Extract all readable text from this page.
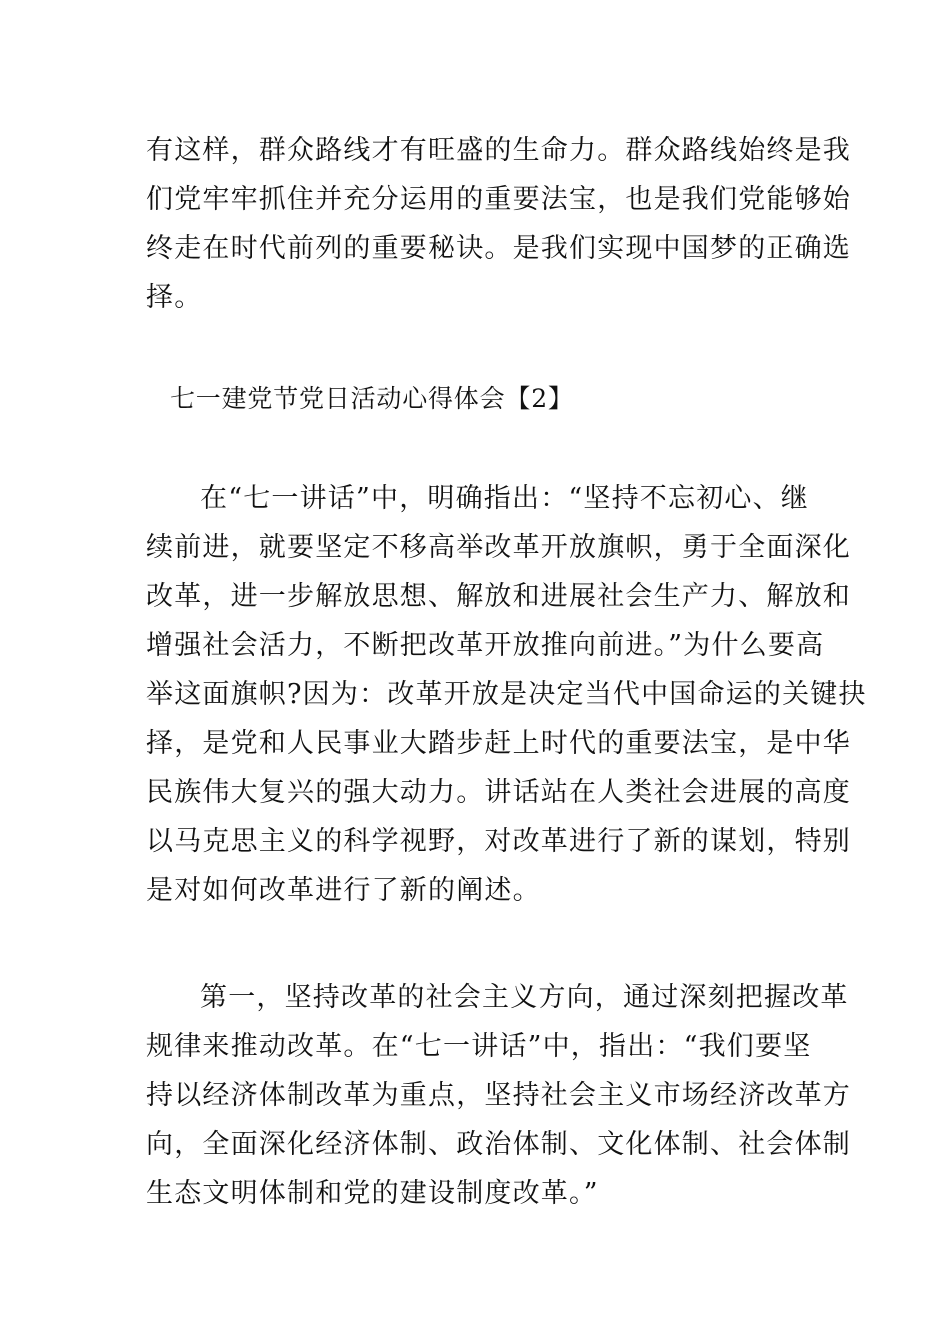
有这样，群众路线才有旺盛的生命力。群众路线始终是我
们党牢牢抓住并充分运用的重要法宝，也是我们党能够始
终走在时代前列的重要秘诀。是我们实现中国梦的正确选
择。
七一建党节党日活动心得体会【2】
在“七一讲话”中，明确指出：“坚持不忘初心、继
续前进，就要坚定不移高举改革开放旗帜，勇于全面深化
改革，进一步解放思想、解放和进展社会生产力、解放和
增强社会活力，不断把改革开放推向前进。”为什么要高
举这面旗帜?因为：改革开放是决定当代中国命运的关键抉
择，是党和人民事业大踏步赶上时代的重要法宝，是中华
民族伟大复兴的强大动力。讲话站在人类社会进展的高度
以马克思主义的科学视野，对改革进行了新的谋划，特别
是对如何改革进行了新的阐述。
第一，坚持改革的社会主义方向，通过深刻把握改革
规律来推动改革。在“七一讲话”中，指出：“我们要坚
持以经济体制改革为重点，坚持社会主义市场经济改革方
向，全面深化经济体制、政治体制、文化体制、社会体制
生态文明体制和党的建设制度改革。”
